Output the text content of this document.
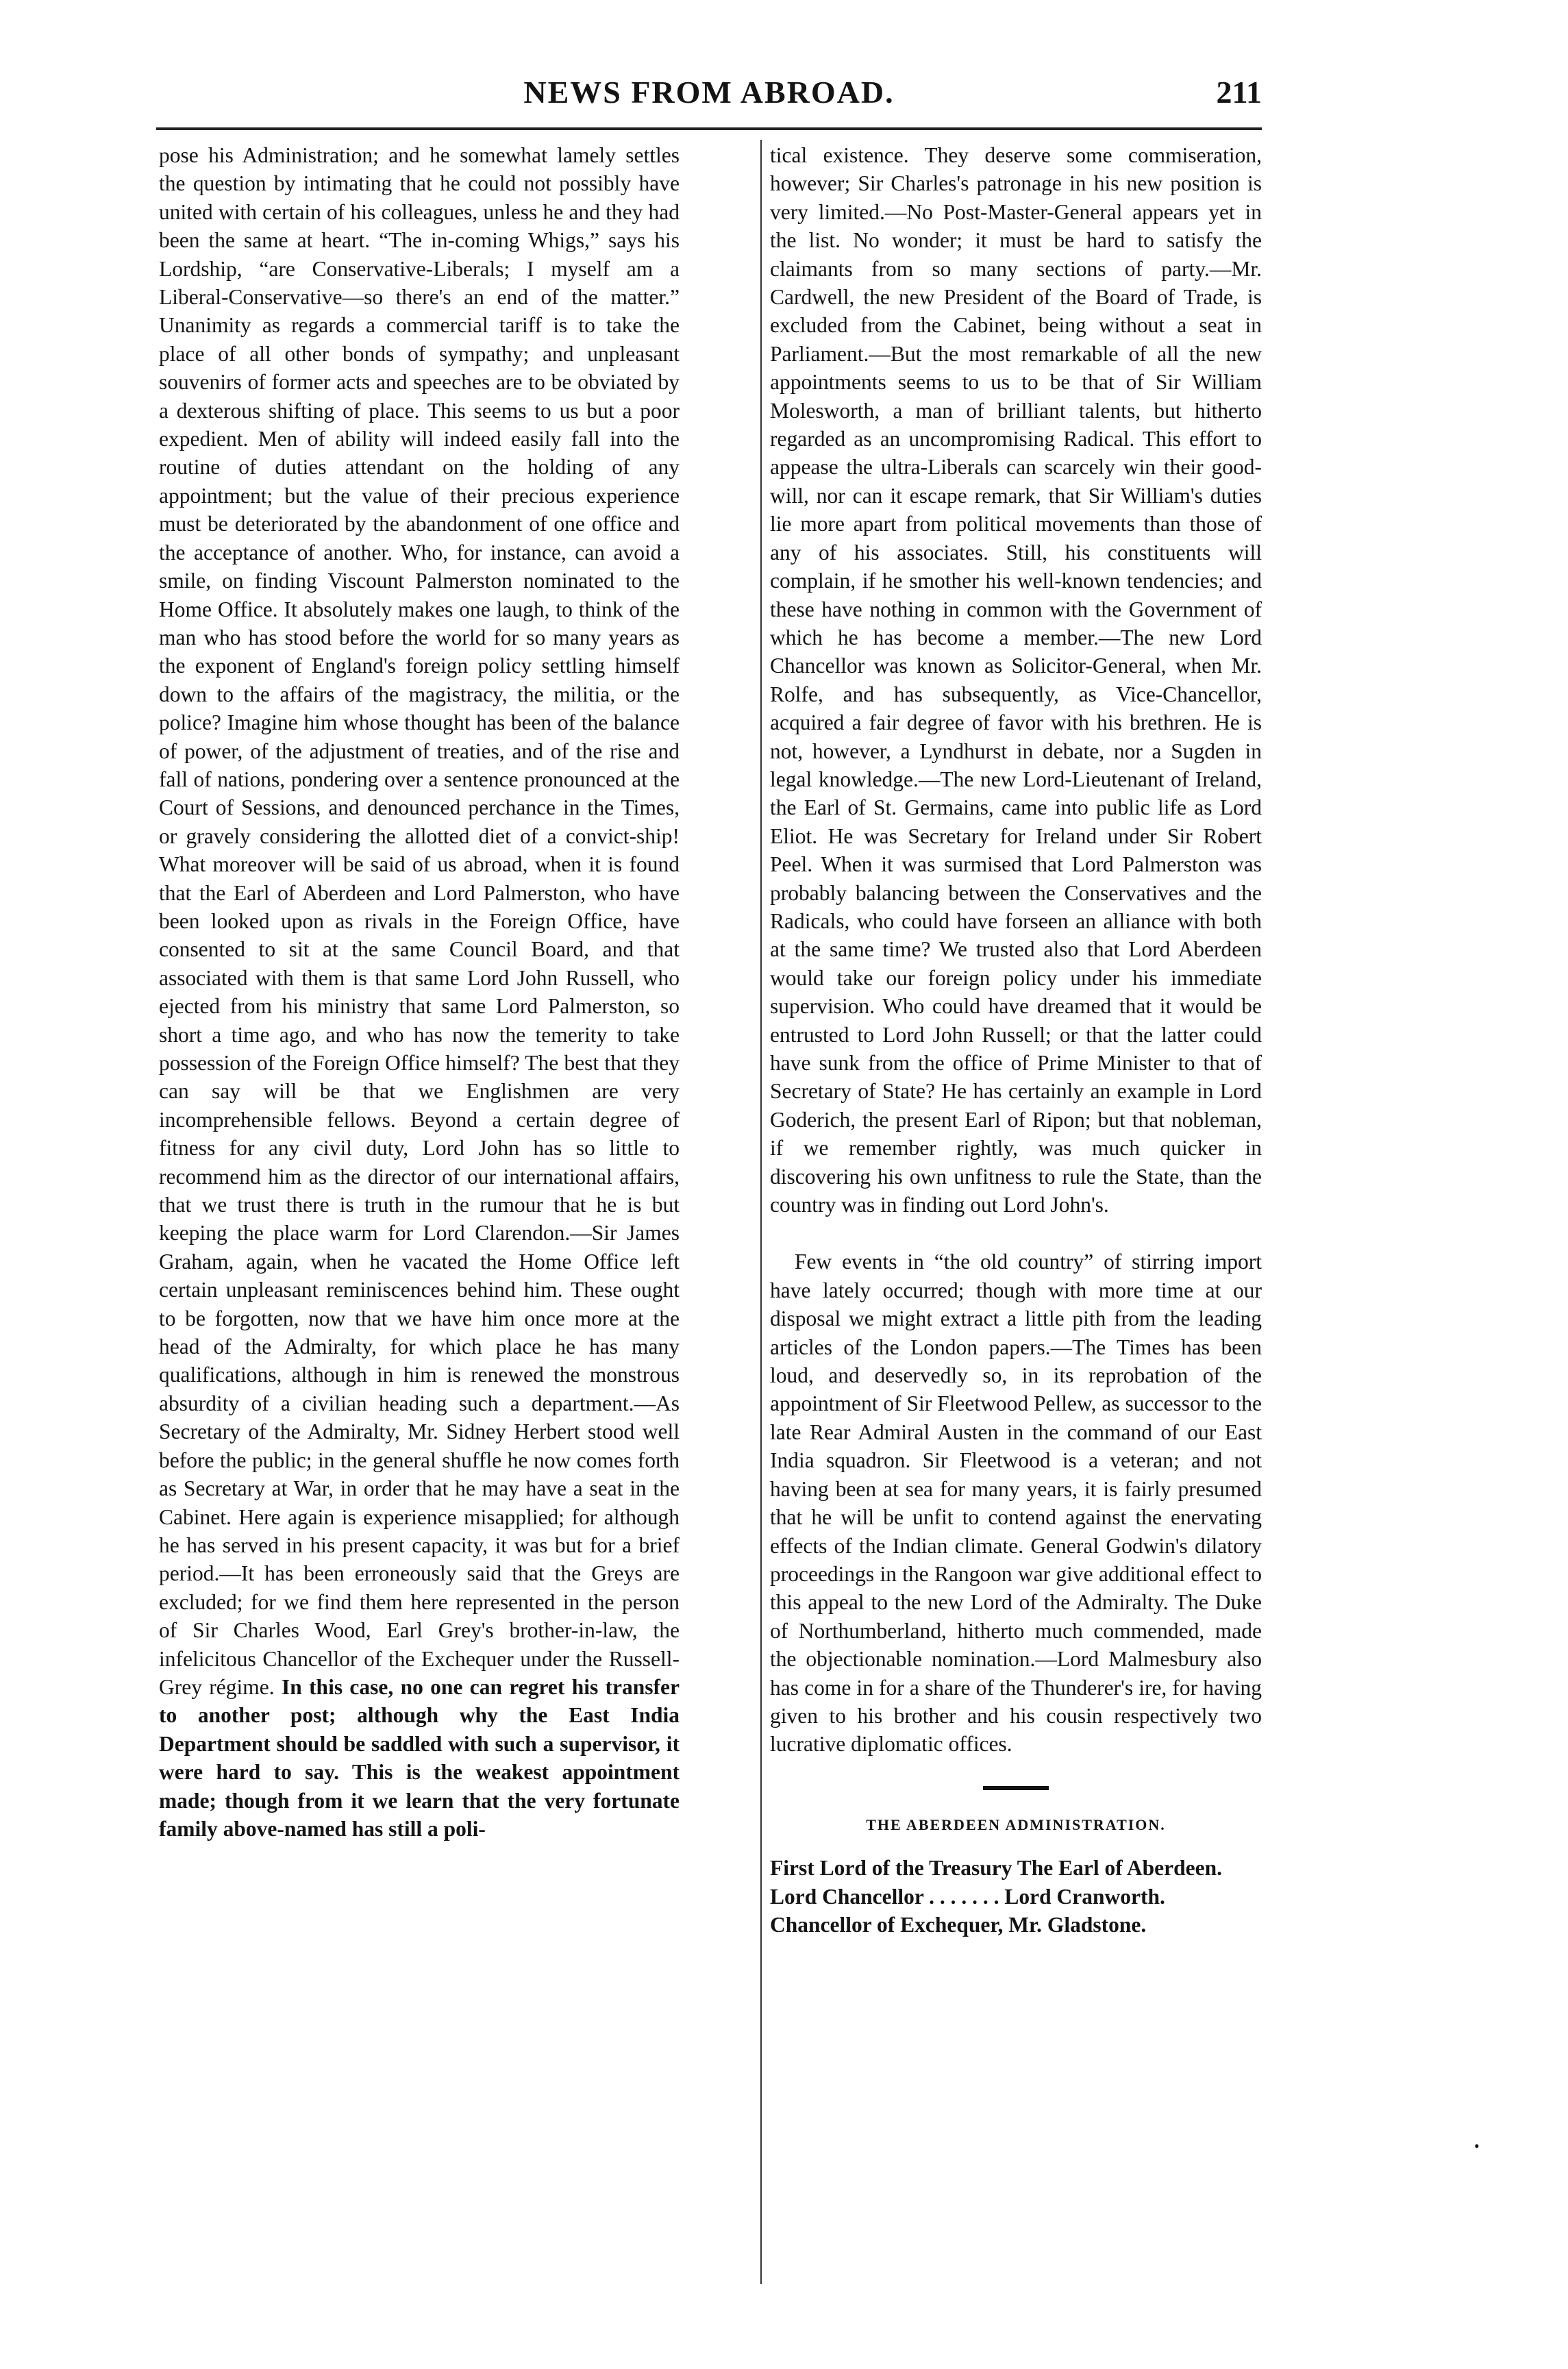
NEWS FROM ABROAD.	211

pose his Administration; and he somewhat lamely settles the question by intimating that he could not possibly have united with certain of his colleagues, unless he and they had been the same at heart. “The in-coming Whigs,” says his Lordship, “are Conservative-Liberals; I myself am a Liberal-Conservative—so there's an end of the matter.” Unanimity as regards a commercial tariff is to take the place of all other bonds of sympathy; and unpleasant souvenirs of former acts and speeches are to be obviated by a dexterous shifting of place. This seems to us but a poor expedient. Men of ability will indeed easily fall into the routine of duties attendant on the holding of any appointment; but the value of their precious experience must be deteriorated by the abandonment of one office and the acceptance of another. Who, for instance, can avoid a smile, on finding Viscount Palmerston nominated to the Home Office. It absolutely makes one laugh, to think of the man who has stood before the world for so many years as the exponent of England's foreign policy settling himself down to the affairs of the magistracy, the militia, or the police? Imagine him whose thought has been of the balance of power, of the adjustment of treaties, and of the rise and fall of nations, pondering over a sentence pronounced at the Court of Sessions, and denounced perchance in the Times, or gravely considering the allotted diet of a convict-ship! What moreover will be said of us abroad, when it is found that the Earl of Aberdeen and Lord Palmerston, who have been looked upon as rivals in the Foreign Office, have consented to sit at the same Council Board, and that associated with them is that same Lord John Russell, who ejected from his ministry that same Lord Palmerston, so short a time ago, and who has now the temerity to take possession of the Foreign Office himself? The best that they can say will be that we Englishmen are very incomprehensible fellows. Beyond a certain degree of fitness for any civil duty, Lord John has so little to recommend him as the director of our international affairs, that we trust there is truth in the rumour that he is but keeping the place warm for Lord Clarendon.—Sir James Graham, again, when he vacated the Home Office left certain unpleasant reminiscences behind him. These ought to be forgotten, now that we have him once more at the head of the Admiralty, for which place he has many qualifications, although in him is renewed the monstrous absurdity of a civilian heading such a department.—As Secretary of the Admiralty, Mr. Sidney Herbert stood well before the public; in the general shuffle he now comes forth as Secretary at War, in order that he may have a seat in the Cabinet. Here again is experience misapplied; for although he has served in his present capacity, it was but for a brief period.—It has been erroneously said that the Greys are excluded; for we find them here represented in the person of Sir Charles Wood, Earl Grey's brother-in-law, the infelicitous Chancellor of the Exchequer under the Russell-Grey régime. In this case, no one can regret his transfer to another post; although why the East India Department should be saddled with such a supervisor, it were hard to say. This is the weakest appointment made; though from it we learn that the very fortunate family above-named has still a poli-

tical existence. They deserve some commiseration, however; Sir Charles's patronage in his new position is very limited.—No Post-Master-General appears yet in the list. No wonder; it must be hard to satisfy the claimants from so many sections of party.—Mr. Cardwell, the new President of the Board of Trade, is excluded from the Cabinet, being without a seat in Parliament.—But the most remarkable of all the new appointments seems to us to be that of Sir William Molesworth, a man of brilliant talents, but hitherto regarded as an uncompromising Radical. This effort to appease the ultra-Liberals can scarcely win their good-will, nor can it escape remark, that Sir William's duties lie more apart from political movements than those of any of his associates. Still, his constituents will complain, if he smother his well-known tendencies; and these have nothing in common with the Government of which he has become a member.—The new Lord Chancellor was known as Solicitor-General, when Mr. Rolfe, and has subsequently, as Vice-Chancellor, acquired a fair degree of favor with his brethren. He is not, however, a Lyndhurst in debate, nor a Sugden in legal knowledge.—The new Lord-Lieutenant of Ireland, the Earl of St. Germains, came into public life as Lord Eliot. He was Secretary for Ireland under Sir Robert Peel. When it was surmised that Lord Palmerston was probably balancing between the Conservatives and the Radicals, who could have forseen an alliance with both at the same time? We trusted also that Lord Aberdeen would take our foreign policy under his immediate supervision. Who could have dreamed that it would be entrusted to Lord John Russell; or that the latter could have sunk from the office of Prime Minister to that of Secretary of State? He has certainly an example in Lord Goderich, the present Earl of Ripon; but that nobleman, if we remember rightly, was much quicker in discovering his own unfitness to rule the State, than the country was in finding out Lord John's.

Few events in “the old country” of stirring import have lately occurred; though with more time at our disposal we might extract a little pith from the leading articles of the London papers.—The Times has been loud, and deservedly so, in its reprobation of the appointment of Sir Fleetwood Pellew, as successor to the late Rear Admiral Austen in the command of our East India squadron. Sir Fleetwood is a veteran; and not having been at sea for many years, it is fairly presumed that he will be unfit to contend against the enervating effects of the Indian climate. General Godwin's dilatory proceedings in the Rangoon war give additional effect to this appeal to the new Lord of the Admiralty. The Duke of Northumberland, hitherto much commended, made the objectionable nomination.—Lord Malmesbury also has come in for a share of the Thunderer's ire, for having given to his brother and his cousin respectively two lucrative diplomatic offices.

THE ABERDEEN ADMINISTRATION.
First Lord of the Treasury The Earl of Aberdeen.
Lord Chancellor . . . . . . . Lord Cranworth.
Chancellor of Exchequer, Mr. Gladstone.
•
